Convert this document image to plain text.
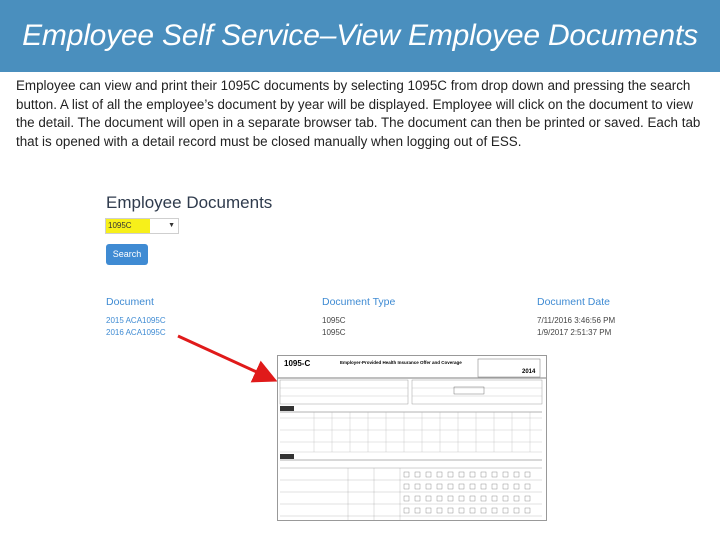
Employee Self Service–View Employee Documents

Employee can view and print their 1095C documents by selecting 1095C from drop down and pressing the search button. A list of all the employee’s document by year will be displayed. Employee will click on the document to view the detail. The document will open in a separate browser tab. The document can then be printed or saved. Each tab that is opened with a detail record must be closed manually when logging out of ESS.

Employee Documents
1095C	▼
Search
Document	Document Type	Document Date
2015 ACA1095C	1095C	7/11/2016 3:46:56 PM
2016 ACA1095C	1095C	1/9/2017 2:51:37 PM
1095-C	Employer-Provided Health Insurance Offer and Coverage
2014
